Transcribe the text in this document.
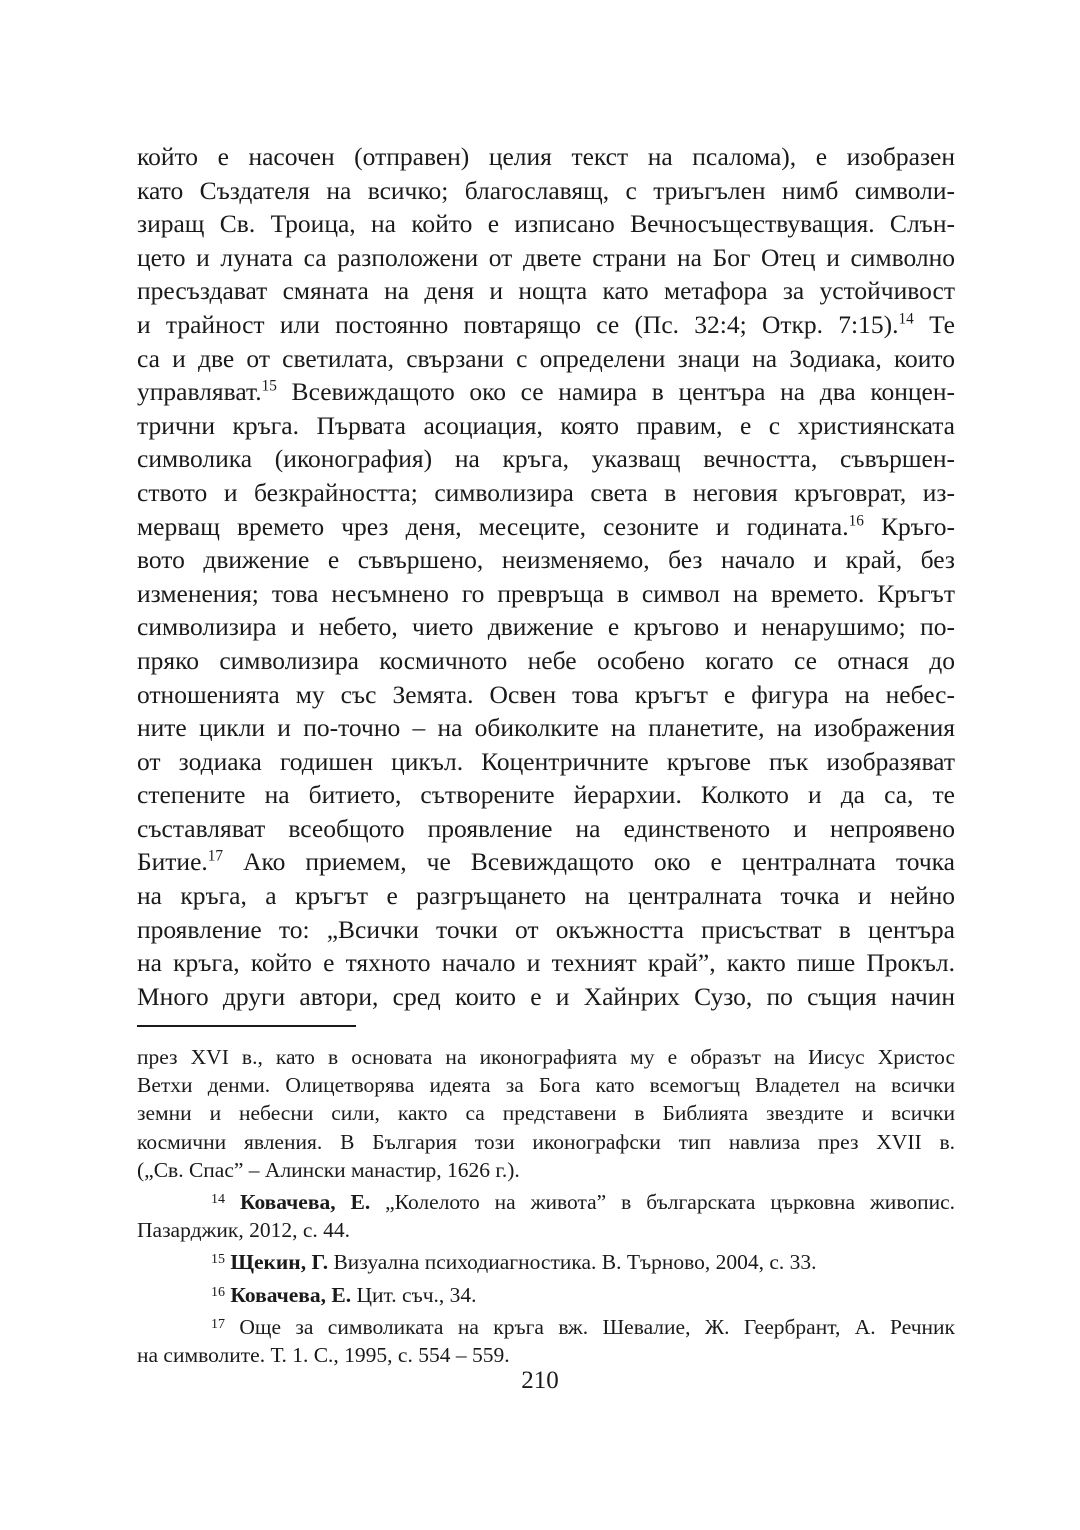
който е насочен (отправен) целия текст на псалома), е изобразен
като Създателя на всичко; благославящ, с триъгълен нимб символи-
зиращ Св. Троица, на който е изписано Вечносъществуващия. Слън-
цето и луната са разположени от двете страни на Бог Отец и символно
пресъздават смяната на деня и нощта като метафора за устойчивост
и трайност или постоянно повтарящо се (Пс. 32:4; Откр. 7:15).$^{14}$ Те
са и две от светилата, свързани с определени знаци на Зодиака, които
управляват.$^{15}$ Всевиждащото око се намира в центъра на два концен-
трични кръга. Първата асоциация, която правим, е с християнската
символика (иконография) на кръга, указващ вечността, съвършен-
ството и безкрайността; символизира света в неговия кръговрат, из-
мерващ времето чрез деня, месеците, сезоните и годината.$^{16}$ Кръго-
вото движение е съвършено, неизменяемо, без начало и край, без
изменения; това несъмнено го превръща в символ на времето. Кръгът
символизира и небето, чието движение е кръгово и ненарушимо; по-
пряко символизира космичното небе особено когато се отнася до
отношенията му със Земята. Освен това кръгът е фигура на небес-
ните цикли и по-точно – на обиколките на планетите, на изображения
от зодиака годишен цикъл. Коцентричните кръгове пък изобразяват
степените на битието, сътворените йерархии. Колкото и да са, те
съставляват всеобщото проявление на единственото и непроявено
Битие.$^{17}$ Ако приемем, че Всевиждащото око е централната точка
на кръга, а кръгът е разгръщането на централната точка и нейно
проявление то: „Всички точки от окъжността присъстват в центъра
на кръга, който е тяхното начало и техният край”, както пише Прокъл.
Много други автори, сред които е и Хайнрих Сузо, по същия начин
през XVI в., като в основата на иконографията му е образът на Иисус Христос
Ветхи денми. Олицетворява идеята за Бога като всемогъщ Владетел на всички
земни и небесни сили, както са представени в Библията звездите и всички
космични явления. В България този иконографски тип навлиза през XVII в.
(„Св. Спас” – Алински манастир, 1626 г.).
$^{14}$ Ковачева, Е. „Колелото на живота” в българската църковна живопис.
Пазарджик, 2012, с. 44.
$^{15}$ Щекин, Г. Визуална психодиагностика. В. Търново, 2004, с. 33.
$^{16}$ Ковачева, Е. Цит. съч., 34.
$^{17}$ Още за символиката на кръга вж. Шевалие, Ж. Геербрант, А. Речник
на символите. Т. 1. С., 1995, с. 554 – 559.
210
